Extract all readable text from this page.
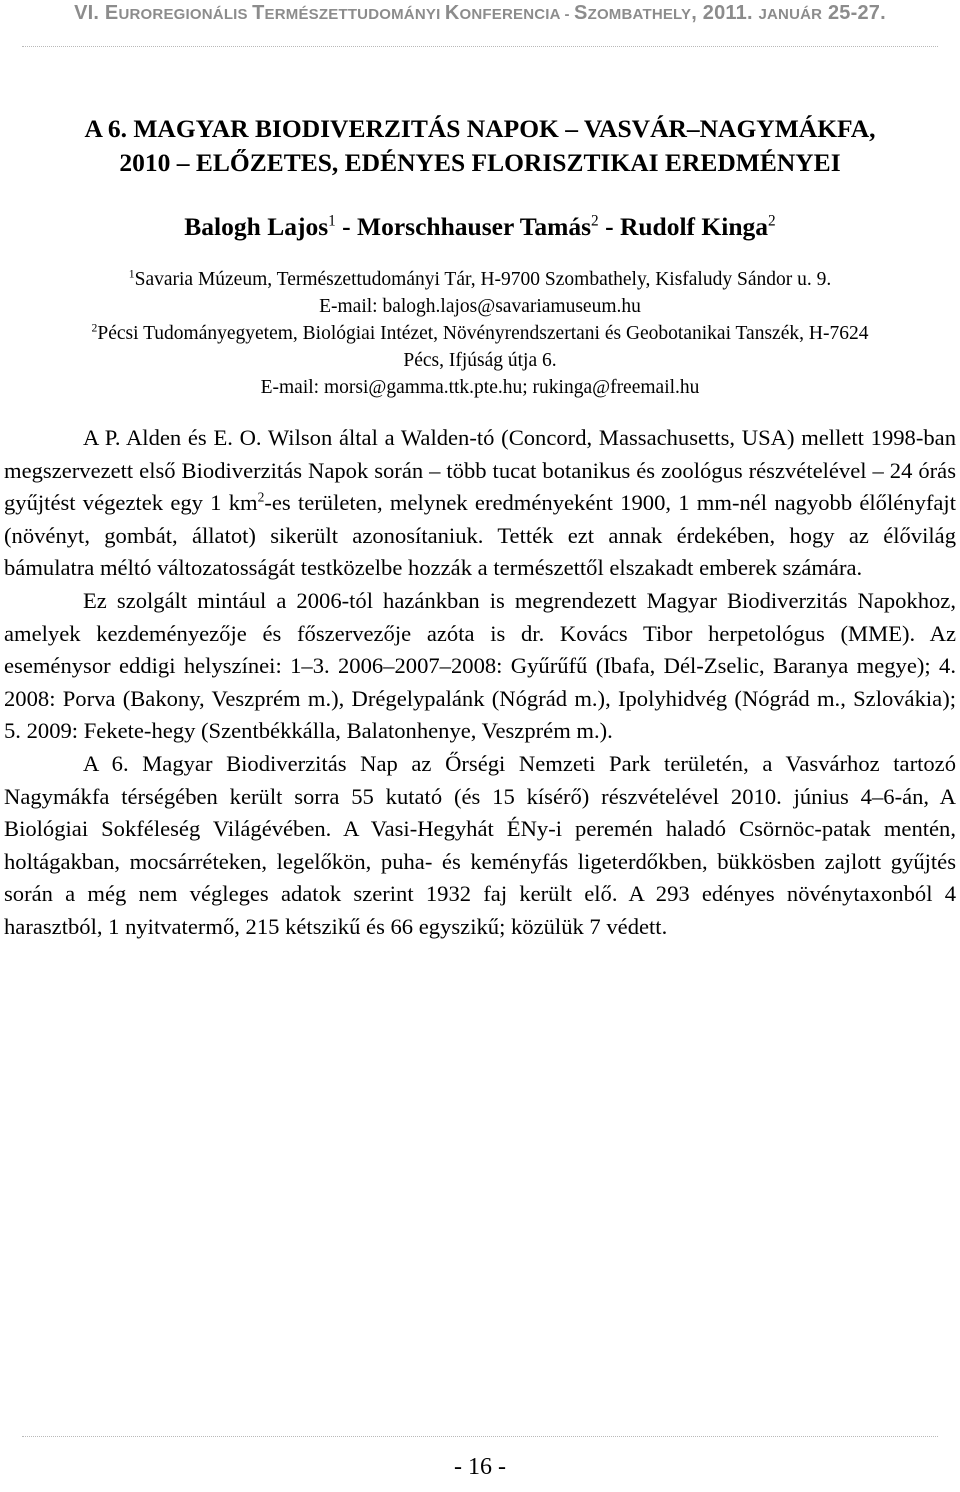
VI. EUROREGIONÁLIS TERMÉSZETTUDOMÁNYI KONFERENCIA - SZOMBATHELY, 2011. JANUÁR 25-27.
A 6. MAGYAR BIODIVERZITÁS NAPOK – VASVÁR–NAGYMÁKFA,
2010 – ELŐZETES, EDÉNYES FLORISZTIKAI EREDMÉNYEI
Balogh Lajos$^1$ - Morschhauser Tamás$^2$ - Rudolf Kinga$^2$
$^1$Savaria Múzeum, Természettudományi Tár, H-9700 Szombathely, Kisfaludy Sándor u. 9.
E-mail: balogh.lajos@savariamuseum.hu
$^2$Pécsi Tudományegyetem, Biológiai Intézet, Növényrendszertani és Geobotanikai Tanszék, H-7624
Pécs, Ifjúság útja 6.
E-mail: morsi@gamma.ttk.pte.hu; rukinga@freemail.hu

A P. Alden és E. O. Wilson által a Walden-tó (Concord, Massachusetts, USA) mellett 1998-ban megszervezett első Biodiverzitás Napok során – több tucat botanikus és zoológus részvételével – 24 órás gyűjtést végeztek egy 1 $km^2-es$ területen, melynek eredményeként 1900, 1 mm-nél nagyobb élőlényfajt (növényt, gombát, állatot) sikerült azonosítaniuk. Tették ezt annak érdekében, hogy az élővilág bámulatra méltó változatosságát testközelbe hozzák a természettől elszakadt emberek számára.

Ez szolgált mintául a 2006-tól hazánkban is megrendezett Magyar Biodiverzitás Napokhoz, amelyek kezdeményezője és főszervezője azóta is dr. Kovács Tibor herpetológus (MME). Az eseménysor eddigi helyszínei: 1–3. 2006–2007–2008: Gyűrűfű (Ibafa, Dél-Zselic, Baranya megye); 4. 2008: Porva (Bakony, Veszprém m.), Drégelypalánk (Nógrád m.), Ipolyhidvég (Nógrád m., Szlovákia); 5. 2009: Fekete-hegy (Szentbékkálla, Balatonhenye, Veszprém m.).

A 6. Magyar Biodiverzitás Nap az Őrségi Nemzeti Park területén, a Vasvárhoz tartozó Nagymákfa térségében került sorra 55 kutató (és 15 kísérő) részvételével 2010. június 4–6-án, A Biológiai Sokféleség Világévében. A Vasi-Hegyhát ÉNy-i peremén haladó Csörnöc-patak mentén, holtágakban, mocsárréteken, legelőkön, puha- és keményfás ligeterdőkben, bükkösben zajlott gyűjtés során a még nem végleges adatok szerint 1932 faj került elő. A 293 edényes növénytaxonból 4 harasztból, 1 nyitvatermő, 215 kétszikű és 66 egyszikű; közülük 7 védett.

- 16 -
